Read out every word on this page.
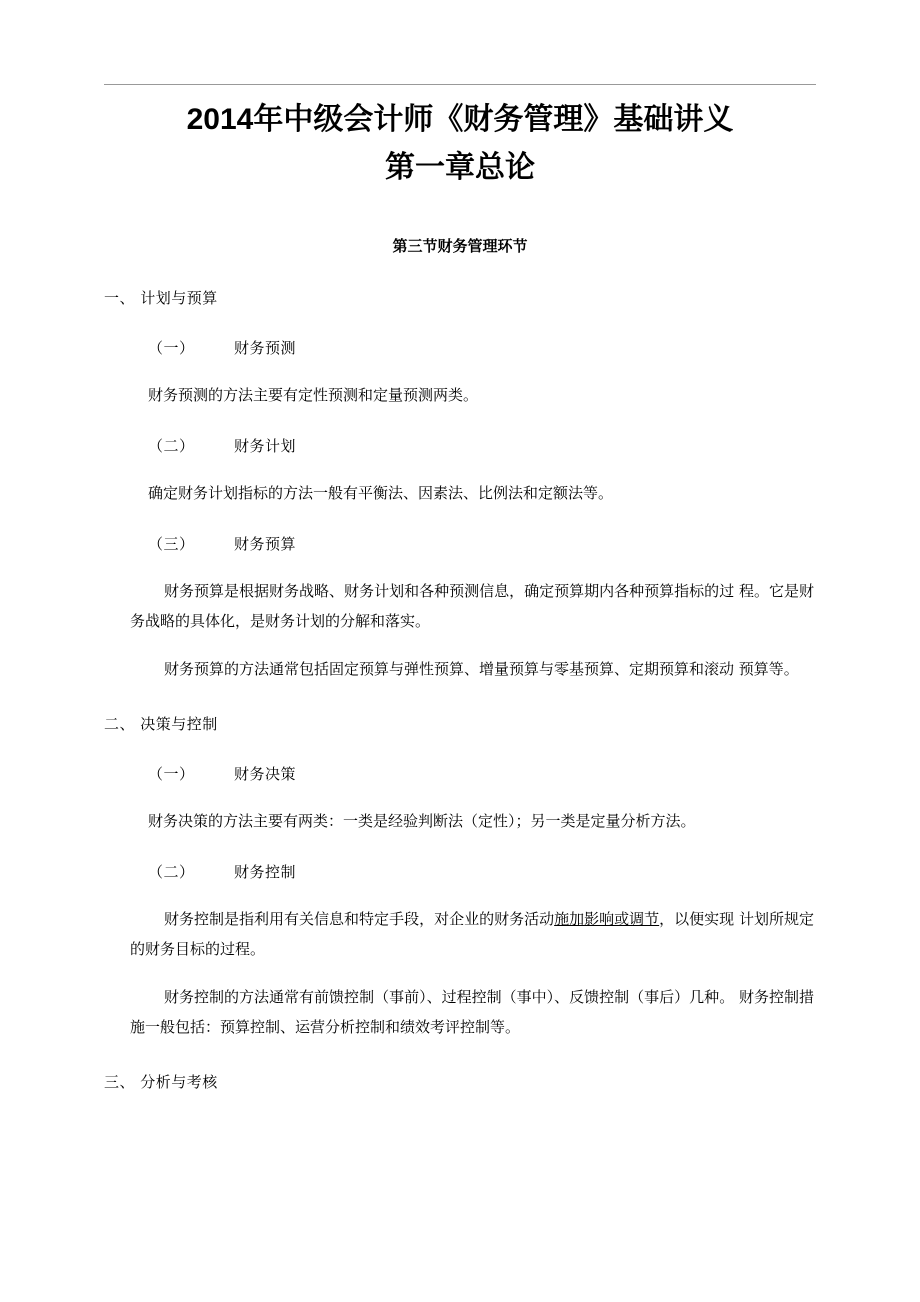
2014年中级会计师《财务管理》基础讲义
第一章总论
第三节财务管理环节
一、 计划与预算
（一）	财务预测

财务预测的方法主要有定性预测和定量预测两类。

（二）	财务计划

确定财务计划指标的方法一般有平衡法、因素法、比例法和定额法等。

（三）	财务预算

财务预算是根据财务战略、财务计划和各种预测信息，确定预算期内各种预算指标的过 程。它是财务战略的具体化，是财务计划的分解和落实。

财务预算的方法通常包括固定预算与弹性预算、增量预算与零基预算、定期预算和滚动 预算等。

二、 决策与控制
（一）	财务决策

财务决策的方法主要有两类：一类是经验判断法（定性）；另一类是定量分析方法。

（二）	财务控制

财务控制是指利用有关信息和特定手段，对企业的财务活动施加影响或调节，以便实现 计划所规定的财务目标的过程。

财务控制的方法通常有前馈控制（事前）、过程控制（事中）、反馈控制（事后）几种。 财务控制措施一般包括：预算控制、运营分析控制和绩效考评控制等。

三、 分析与考核
